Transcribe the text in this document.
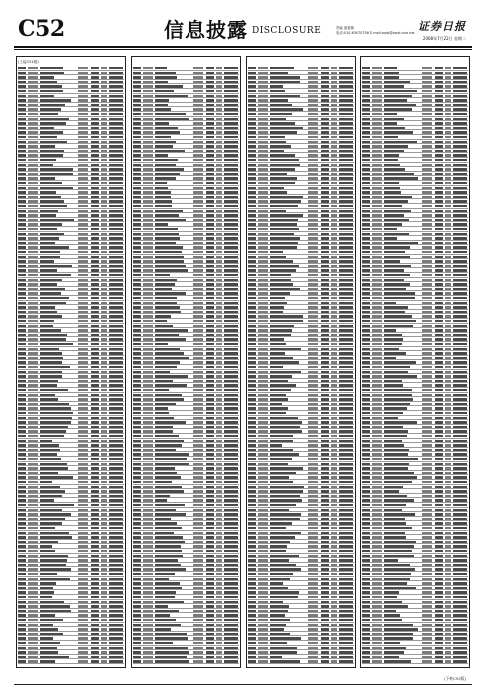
C52	信息披露 DISCLOSURE	责编 夏嘉敏
电话:010-63070758 E-mail:zqrb@zqrb.sina.net 证券日报
2008年7月22日 星期二
(上接C51版)
(下转C53版)
